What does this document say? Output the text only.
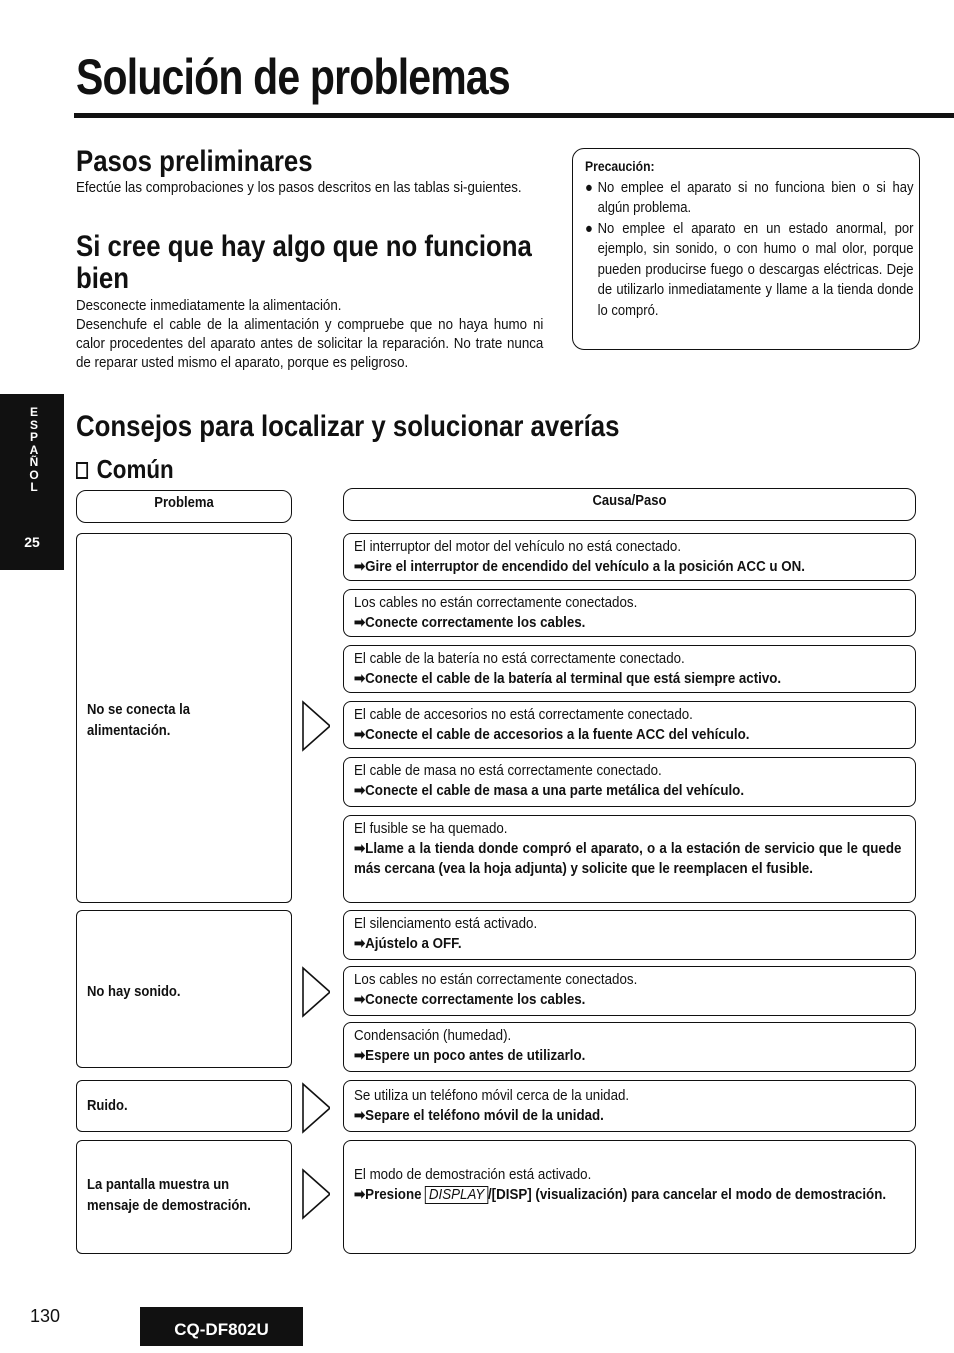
Solución de problemas
Pasos preliminares
Efectúe las comprobaciones y los pasos descritos en las tablas si-guientes.
Si cree que hay algo que no funciona
bien
Desconecte inmediatamente la alimentación.
Desenchufe el cable de la alimentación y compruebe que no haya humo ni calor procedentes del aparato antes de solicitar la reparación. No trate nunca de reparar usted mismo el aparato, porque es peligroso.
Precaución:
● No emplee el aparato si no funciona bien o si hay algún problema.
● No emplee el aparato en un estado anormal, por ejemplo, sin sonido, o con humo o mal olor, porque pueden producirse fuego o descargas eléctricas. Deje de utilizarlo inmediatamente y llame a la tienda donde lo compró.
E
S
P
A
Ñ
O
L
25
Consejos para localizar y solucionar averías
Común
Problema	Causa/Paso
No se conecta la
alimentación.
No hay sonido.
Ruido.
La pantalla muestra un
mensaje de demostración.
El interruptor del motor del vehículo no está conectado.
➡Gire el interruptor de encendido del vehículo a la posición ACC u ON.
Los cables no están correctamente conectados.
➡Conecte correctamente los cables.
El cable de la batería no está correctamente conectado.
➡Conecte el cable de la batería al terminal que está siempre activo.
El cable de accesorios no está correctamente conectado.
➡Conecte el cable de accesorios a la fuente ACC del vehículo.
El cable de masa no está correctamente conectado.
➡Conecte el cable de masa a una parte metálica del vehículo.
El fusible se ha quemado.
➡Llame a la tienda donde compró el aparato, o a la estación de servicio que le quede más cercana (vea la hoja adjunta) y solicite que le reemplacen el fusible.
El silenciamento está activado.
➡Ajústelo a OFF.
Los cables no están correctamente conectados.
➡Conecte correctamente los cables.
Condensación (humedad).
➡Espere un poco antes de utilizarlo.
Se utiliza un teléfono móvil cerca de la unidad.
➡Separe el teléfono móvil de la unidad.
El modo de demostración está activado.
➡Presione DISPLAY /[DISP] (visualización) para cancelar el modo de demostración.
130
CQ-DF802U
